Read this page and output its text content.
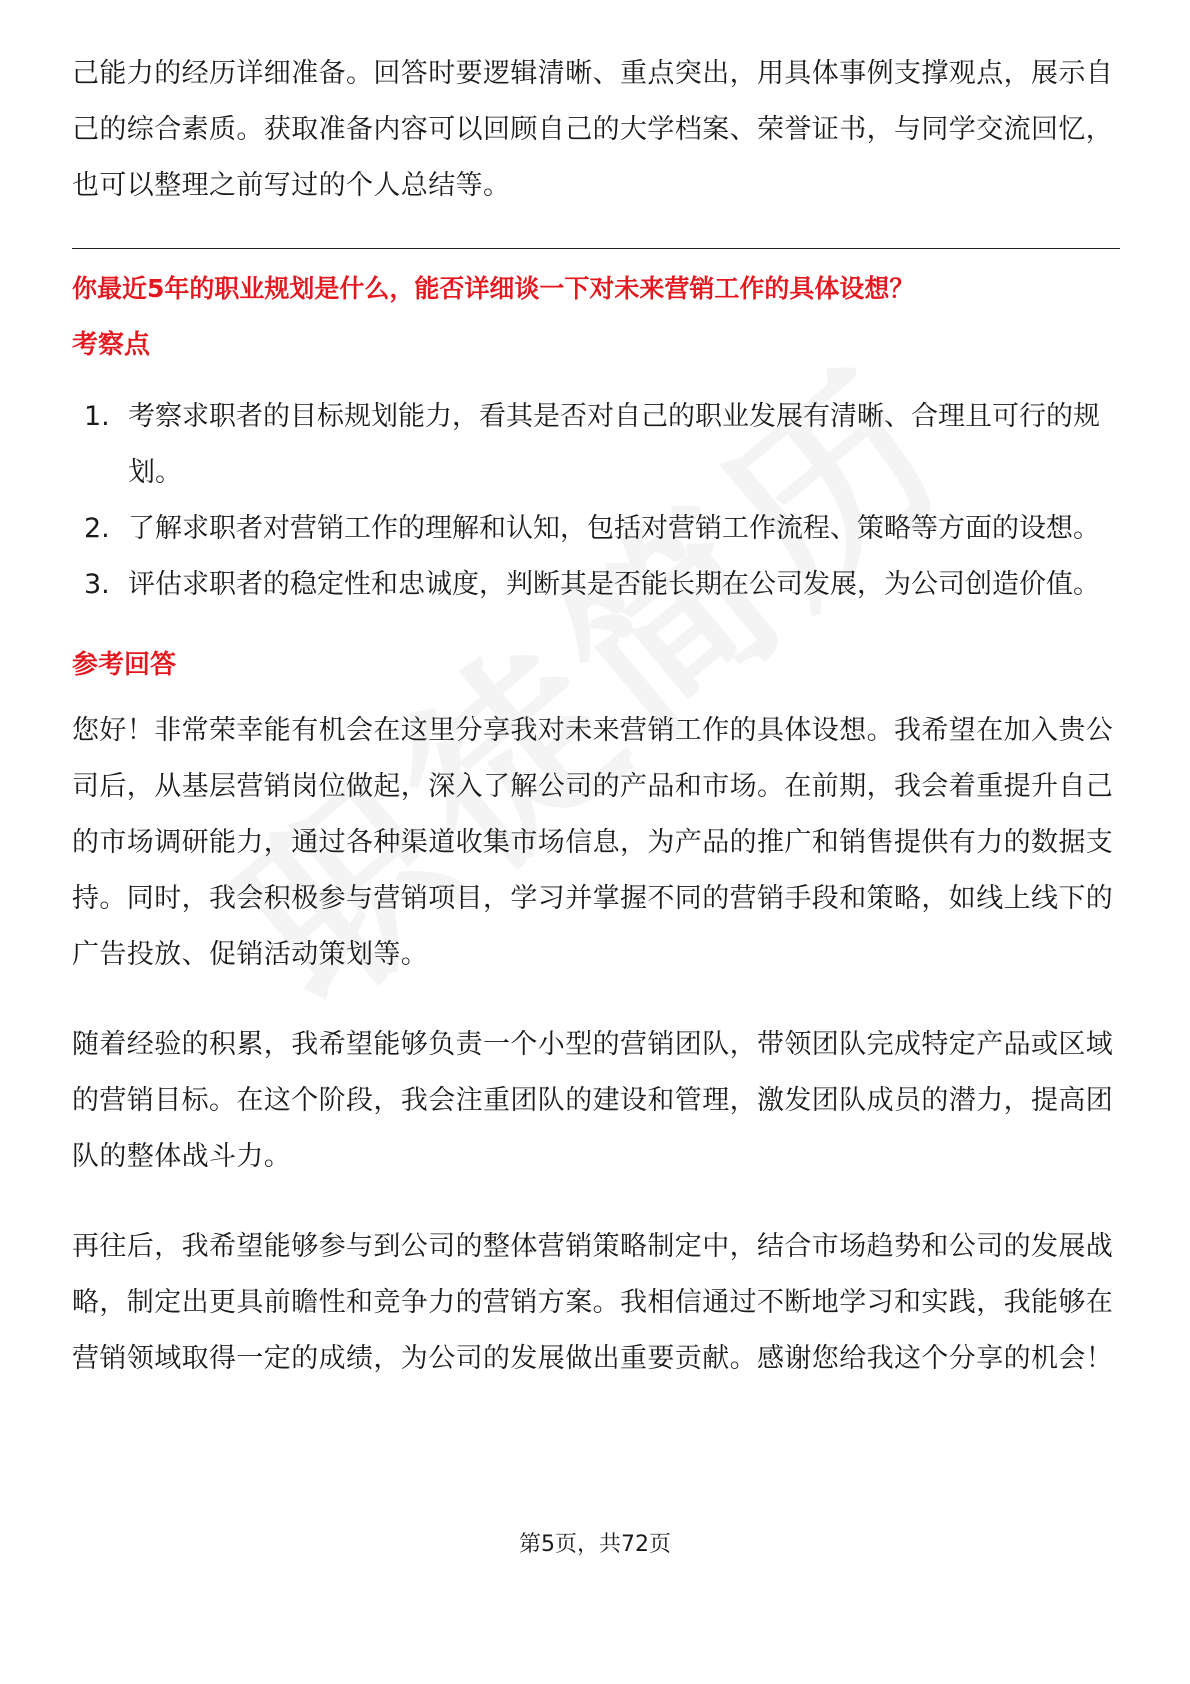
己能力的经历详细准备。回答时要逻辑清晰、重点突出，用具体事例支撑观点，展示自己的综合素质。获取准备内容可以回顾自己的大学档案、荣誉证书，与同学交流回忆，也可以整理之前写过的个人总结等。

你最近5年的职业规划是什么，能否详细谈一下对未来营销工作的具体设想？
考察点
1. 考察求职者的目标规划能力，看其是否对自己的职业发展有清晰、合理且可行的规划。
2. 了解求职者对营销工作的理解和认知，包括对营销工作流程、策略等方面的设想。
3. 评估求职者的稳定性和忠诚度，判断其是否能长期在公司发展，为公司创造价值。
参考回答

您好！非常荣幸能有机会在这里分享我对未来营销工作的具体设想。我希望在加入贵公司后，从基层营销岗位做起，深入了解公司的产品和市场。在前期，我会着重提升自己的市场调研能力，通过各种渠道收集市场信息，为产品的推广和销售提供有力的数据支持。同时，我会积极参与营销项目，学习并掌握不同的营销手段和策略，如线上线下的广告投放、促销活动策划等。

随着经验的积累，我希望能够负责一个小型的营销团队，带领团队完成特定产品或区域的营销目标。在这个阶段，我会注重团队的建设和管理，激发团队成员的潜力，提高团队的整体战斗力。

再往后，我希望能够参与到公司的整体营销策略制定中，结合市场趋势和公司的发展战略，制定出更具前瞻性和竞争力的营销方案。我相信通过不断地学习和实践，我能够在营销领域取得一定的成绩，为公司的发展做出重要贡献。感谢您给我这个分享的机会！

第5页，共72页
